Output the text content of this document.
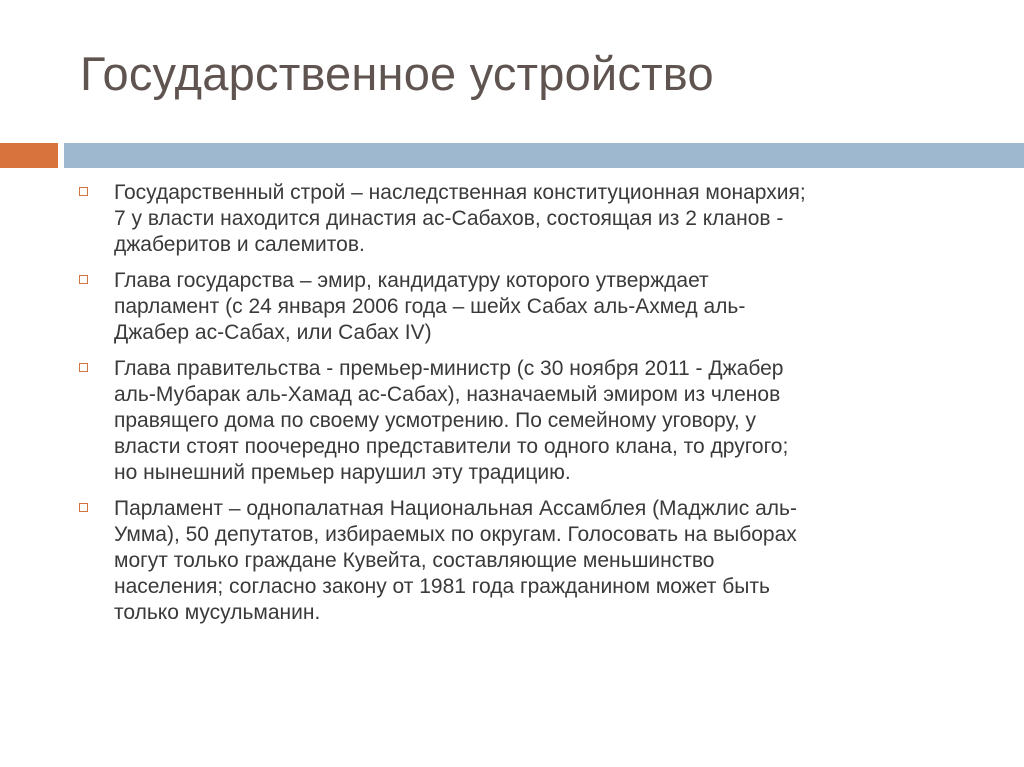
Государственное устройство
Государственный строй – наследственная конституционная монархия;
7 у власти находится династия ас-Сабахов, состоящая из 2 кланов -
джаберитов и салемитов.
Глава государства – эмир, кандидатуру которого утверждает
парламент (с 24 января 2006 года – шейх Сабах аль-Ахмед аль-
Джабер ас-Сабах, или Сабах IV)
Глава правительства - премьер-министр (с 30 ноября 2011 - Джабер
аль-Мубарак аль-Хамад ас-Сабах), назначаемый эмиром из членов
правящего дома по своему усмотрению. По семейному уговору, у
власти стоят поочередно представители то одного клана, то другого;
но нынешний премьер нарушил эту традицию.
Парламент – однопалатная Национальная Ассамблея (Маджлис аль-
Умма), 50 депутатов, избираемых по округам. Голосовать на выборах
могут только граждане Кувейта, составляющие меньшинство
населения; согласно закону от 1981 года гражданином может быть
только мусульманин.
